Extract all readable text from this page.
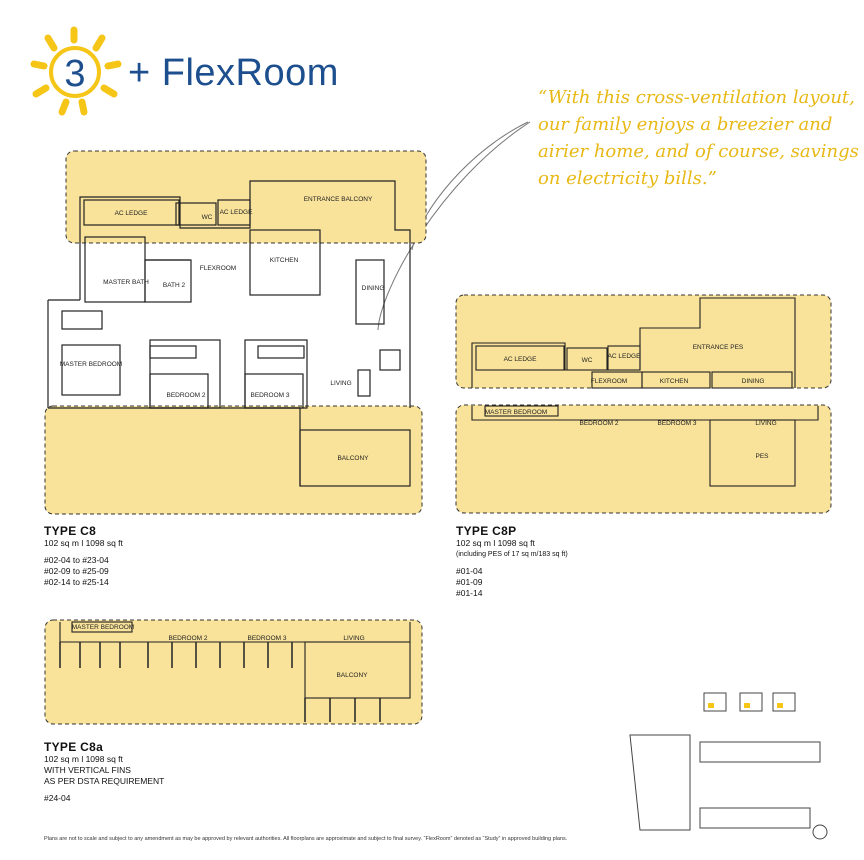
3 + FlexRoom
“With this cross-ventilation layout, our family enjoys a breezier and airier home, and of course, savings on electricity bills.”
AC LEDGE
WC
AC LEDGE
ENTRANCE BALCONY
MASTER BATH BATH 2
FLEXROOM
KITCHEN
DINING
MASTER BEDROOM
BEDROOM 2	BEDROOM 3
LIVING
BALCONY
AC LEDGE	WC
AC LEDGE
ENTRANCE PES
FLEXROOM	KITCHEN	DINING
MASTER BEDROOM
BEDROOM 2	BEDROOM 3	LIVING
PES
MASTER BEDROOM
BEDROOM 2	BEDROOM 3	LIVING
BALCONY
TYPE C8
102 sq m l 1098 sq ft
#02-04 to #23-04
#02-09 to #25-09
#02-14 to #25-14
TYPE C8P
102 sq m l 1098 sq ft
(including PES of 17 sq m/183 sq ft)
#01-04
#01-09
#01-14
TYPE C8a
102 sq m l 1098 sq ft
WITH VERTICAL FINS
AS PER DSTA REQUIREMENT
#24-04
Plans are not to scale and subject to any amendment as may be approved by relevant authorities. All floorplans are approximate and subject to final survey. “FlexRoom” denoted as “Study” in approved building plans.
